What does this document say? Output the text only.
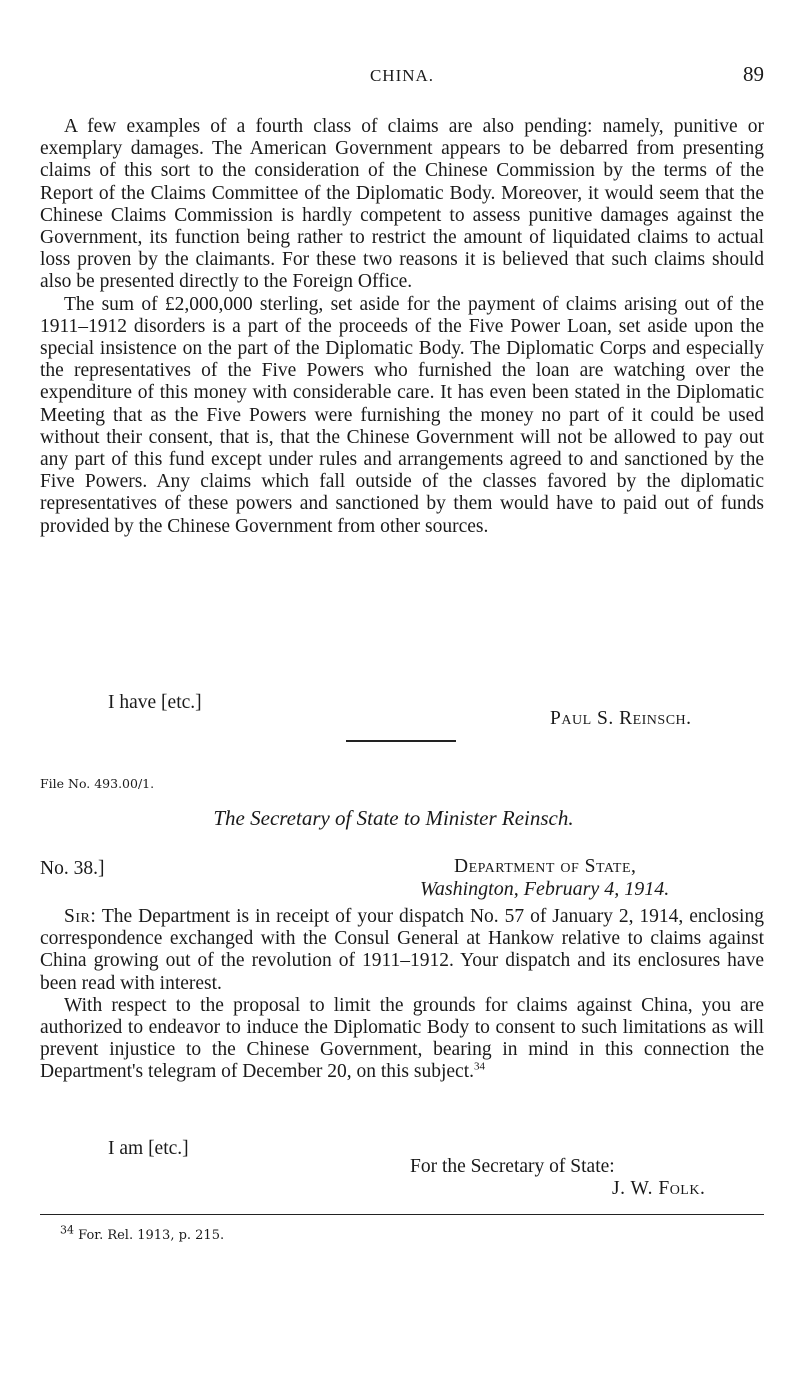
CHINA.	89

A few examples of a fourth class of claims are also pending: namely, punitive or exemplary damages. The American Government appears to be debarred from presenting claims of this sort to the consideration of the Chinese Commission by the terms of the Report of the Claims Committee of the Diplomatic Body. Moreover, it would seem that the Chinese Claims Commission is hardly competent to assess punitive damages against the Government, its function being rather to restrict the amount of liquidated claims to actual loss proven by the claimants. For these two reasons it is believed that such claims should also be presented directly to the Foreign Office.

The sum of £2,000,000 sterling, set aside for the payment of claims arising out of the 1911–1912 disorders is a part of the proceeds of the Five Power Loan, set aside upon the special insistence on the part of the Diplomatic Body. The Diplomatic Corps and especially the representatives of the Five Powers who furnished the loan are watching over the expenditure of this money with considerable care. It has even been stated in the Diplomatic Meeting that as the Five Powers were furnishing the money no part of it could be used without their consent, that is, that the Chinese Government will not be allowed to pay out any part of this fund except under rules and arrangements agreed to and sanctioned by the Five Powers. Any claims which fall outside of the classes favored by the diplomatic representatives of these powers and sanctioned by them would have to paid out of funds provided by the Chinese Government from other sources.

I have [etc.]
Paul S. Reinsch.
File No. 493.00/1.
The Secretary of State to Minister Reinsch.
No. 38.]	Department of State,
Washington, February 4, 1914.

Sir: The Department is in receipt of your dispatch No. 57 of January 2, 1914, enclosing correspondence exchanged with the Consul General at Hankow relative to claims against China growing out of the revolution of 1911–1912. Your dispatch and its enclosures have been read with interest.

With respect to the proposal to limit the grounds for claims against China, you are authorized to endeavor to induce the Diplomatic Body to consent to such limitations as will prevent injustice to the Chinese Government, bearing in mind in this connection the Department's telegram of December 20, on this subject.$^{34}$

I am [etc.]
For the Secretary of State:
J. W. Folk.
$^{34}$ For. Rel. 1913, p. 215.
